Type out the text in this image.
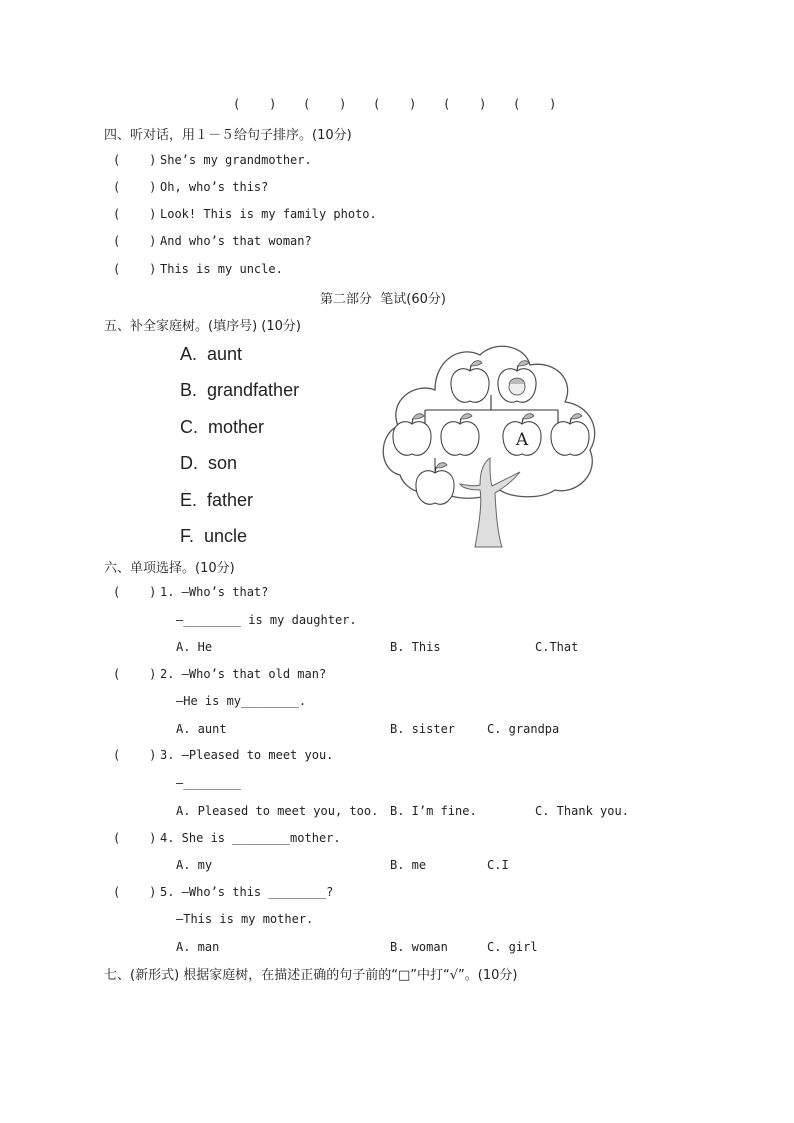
(    ) (    ) (    ) (    ) (    )
四、听对话，用１－５给句子排序。(10分)
(    ) She’s my grandmother.
(    ) Oh, who’s this?
(    ) Look! This is my family photo.
(    ) And who’s that woman?
(    ) This is my uncle.
第二部分  笔试(60分)
五、补全家庭树。(填序号) (10分)
A.  aunt
B.  grandfather
C.  mother
D.  son
E.  father
F.  uncle
A
六、单项选择。(10分)
(    ) 1. —Who’s that?
—________ is my daughter.
A. He	B. This	C.That
(    ) 2. —Who’s that old man?
—He is my________.
A. aunt	B. sister	C. grandpa
(    ) 3. —Pleased to meet you.
—________
A. Pleased to meet you, too. B. I’m fine.	C. Thank you.
(    ) 4. She is ________mother.
A. my	B. me	C.I
(    ) 5. —Who’s this ________?
—This is my mother.
A. man	B. woman	C. girl
七、(新形式) 根据家庭树，在描述正确的句子前的“□”中打“√”。(10分)
